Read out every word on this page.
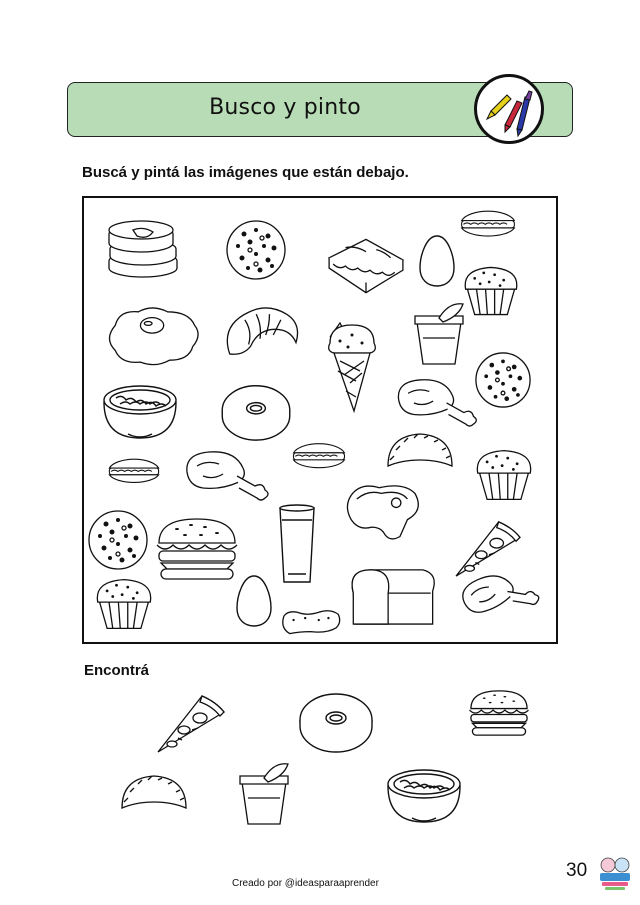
Busco y pinto
Buscá y pintá las imágenes que están debajo.
Encontrá
Creado por @ideasparaaprender
30
